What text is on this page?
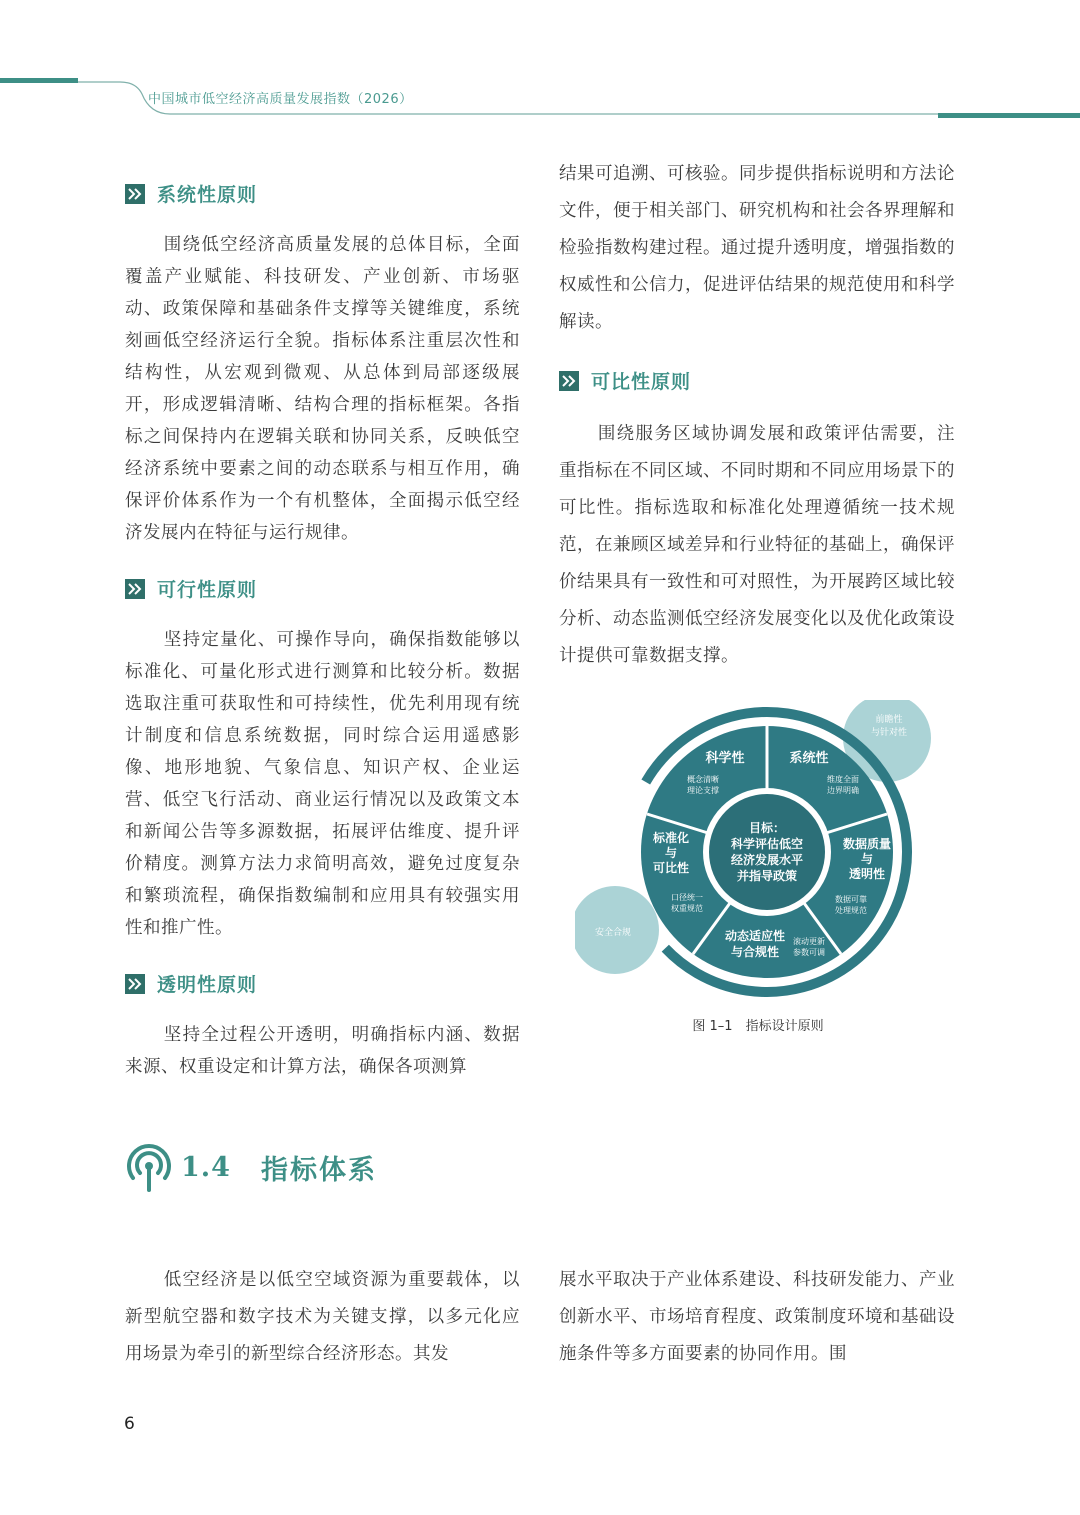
中国城市低空经济高质量发展指数（2026）
系统性原则

围绕低空经济高质量发展的总体目标，全面覆盖产业赋能、科技研发、产业创新、市场驱动、政策保障和基础条件支撑等关键维度，系统刻画低空经济运行全貌。指标体系注重层次性和结构性，从宏观到微观、从总体到局部逐级展开，形成逻辑清晰、结构合理的指标框架。各指标之间保持内在逻辑关联和协同关系，反映低空经济系统中要素之间的动态联系与相互作用，确保评价体系作为一个有机整体，全面揭示低空经济发展内在特征与运行规律。

可行性原则

坚持定量化、可操作导向，确保指数能够以标准化、可量化形式进行测算和比较分析。数据选取注重可获取性和可持续性，优先利用现有统计制度和信息系统数据，同时综合运用遥感影像、地形地貌、气象信息、知识产权、企业运营、低空飞行活动、商业运行情况以及政策文本和新闻公告等多源数据，拓展评估维度、提升评价精度。测算方法力求简明高效，避免过度复杂和繁琐流程，确保指数编制和应用具有较强实用性和推广性。

透明性原则

坚持全过程公开透明，明确指标内涵、数据来源、权重设定和计算方法，确保各项测算

结果可追溯、可核验。同步提供指标说明和方法论文件，便于相关部门、研究机构和社会各界理解和检验指数构建过程。通过提升透明度，增强指数的权威性和公信力，促进评估结果的规范使用和科学解读。

可比性原则

围绕服务区域协调发展和政策评估需要，注重指标在不同区域、不同时期和不同应用场景下的可比性。指标选取和标准化处理遵循统一技术规范，在兼顾区域差异和行业特征的基础上，确保评价结果具有一致性和可对照性，为开展跨区域比较分析、动态监测低空经济发展变化以及优化政策设计提供可靠数据支撑。

目标：
科学评估低空
经济发展水平
并指导政策
科学性
概念清晰
理论支撑
系统性
维度全面
边界明确
数据质量
与
透明性
数据可靠
处理规范
动态适应性
与合规性
滚动更新
参数可调
标准化
与
可比性
口径统一
权重规范
前瞻性
与针对性
安全合规
图 1–1　指标设计原则
1.4 指标体系

低空经济是以低空空域资源为重要载体，以新型航空器和数字技术为关键支撑，以多元化应用场景为牵引的新型综合经济形态。其发

展水平取决于产业体系建设、科技研发能力、产业创新水平、市场培育程度、政策制度环境和基础设施条件等多方面要素的协同作用。围

6
